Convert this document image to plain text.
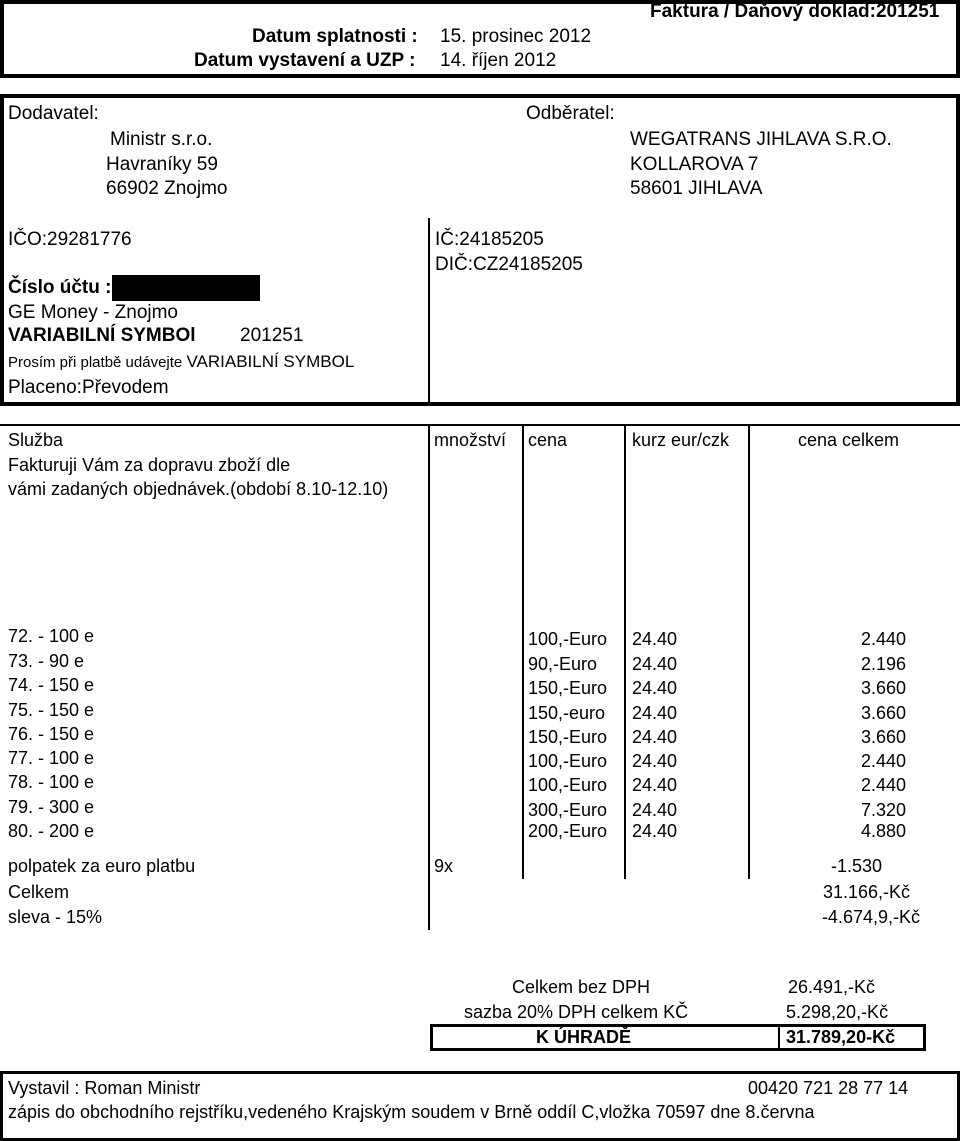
Datum splatnosti : 15. prosinec 2012
Datum vystavení a UZP : 14. říjen 2012
Faktura / Daňový doklad:201251
Dodavatel:
Ministr s.r.o.
Havraníky 59
66902 Znojmo
Odběratel:
WEGATRANS JIHLAVA S.R.O.
KOLLAROVA 7
58601 JIHLAVA
IČO:29281776	IČ:24185205
DIČ:CZ24185205
Číslo účtu :
GE Money - Znojmo
VARIABILNÍ SYMBOl 201251
Prosím při platbě udávejte VARIABILNÍ SYMBOL
Placeno:Převodem
Služba	množství cena	kurz eur/czk	cena celkem
Fakturuji Vám za dopravu zboží dle
vámi zadaných objednávek.(období 8.10-12.10)
72. - 100 e	100,-Euro 24.40	2.440
73. - 90 e	90,-Euro 24.40	2.196
74. - 150 e	150,-Euro 24.40	3.660
75. - 150 e	150,-euro 24.40	3.660
76. - 150 e	150,-Euro 24.40	3.660
77. - 100 e	100,-Euro 24.40	2.440
78. - 100 e	100,-Euro 24.40	2.440
79. - 300 e	300,-Euro 24.40	7.320
80. - 200 e	200,-Euro 24.40	4.880
polpatek za euro platbu	9x	-1.530
Celkem	31.166,-Kč
sleva - 15%	-4.674,9,-Kč
Celkem bez DPH	26.491,-Kč
sazba 20% DPH celkem KČ	5.298,20,-Kč
K ÚHRADĚ	31.789,20-Kč
Vystavil : Roman Ministr	00420 721 28 77 14
zápis do obchodního rejstříku,vedeného Krajským soudem v Brně oddíl C,vložka 70597 dne 8.června
